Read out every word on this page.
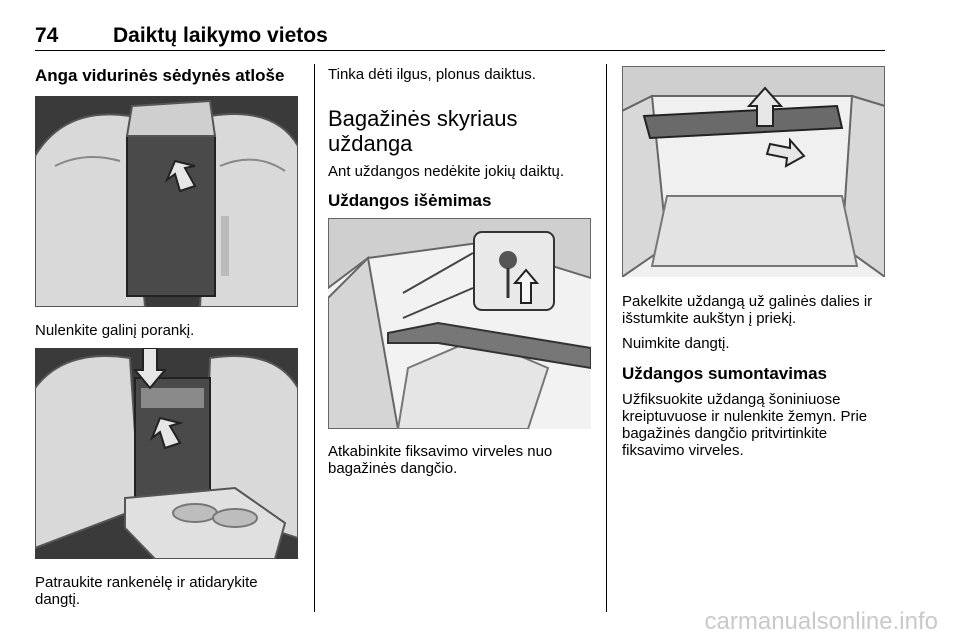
74	Daiktų laikymo vietos
Anga vidurinės sėdynės atlošе
Nulenkite galinį porankį.
Patraukite rankenėlę ir atidarykite
dangtį.
Tinka dėti ilgus, plonus daiktus.
Bagažinės skyriaus
uždanga
Ant uždangos nedėkite jokių daiktų.
Uždangos išėmimas
Atkabinkite fiksavimo virveles nuo
bagažinės dangčio.
Pakelkite uždangą už galinės dalies ir
išstumkite aukštyn į priekį.
Nuimkite dangtį.
Uždangos sumontavimas
Užfiksuokite uždangą šoniniuose
kreiptuvuose ir nulenkite žemyn. Prie
bagažinės dangčio pritvirtinkite
fiksavimo virveles.
carmanualsonline.info
